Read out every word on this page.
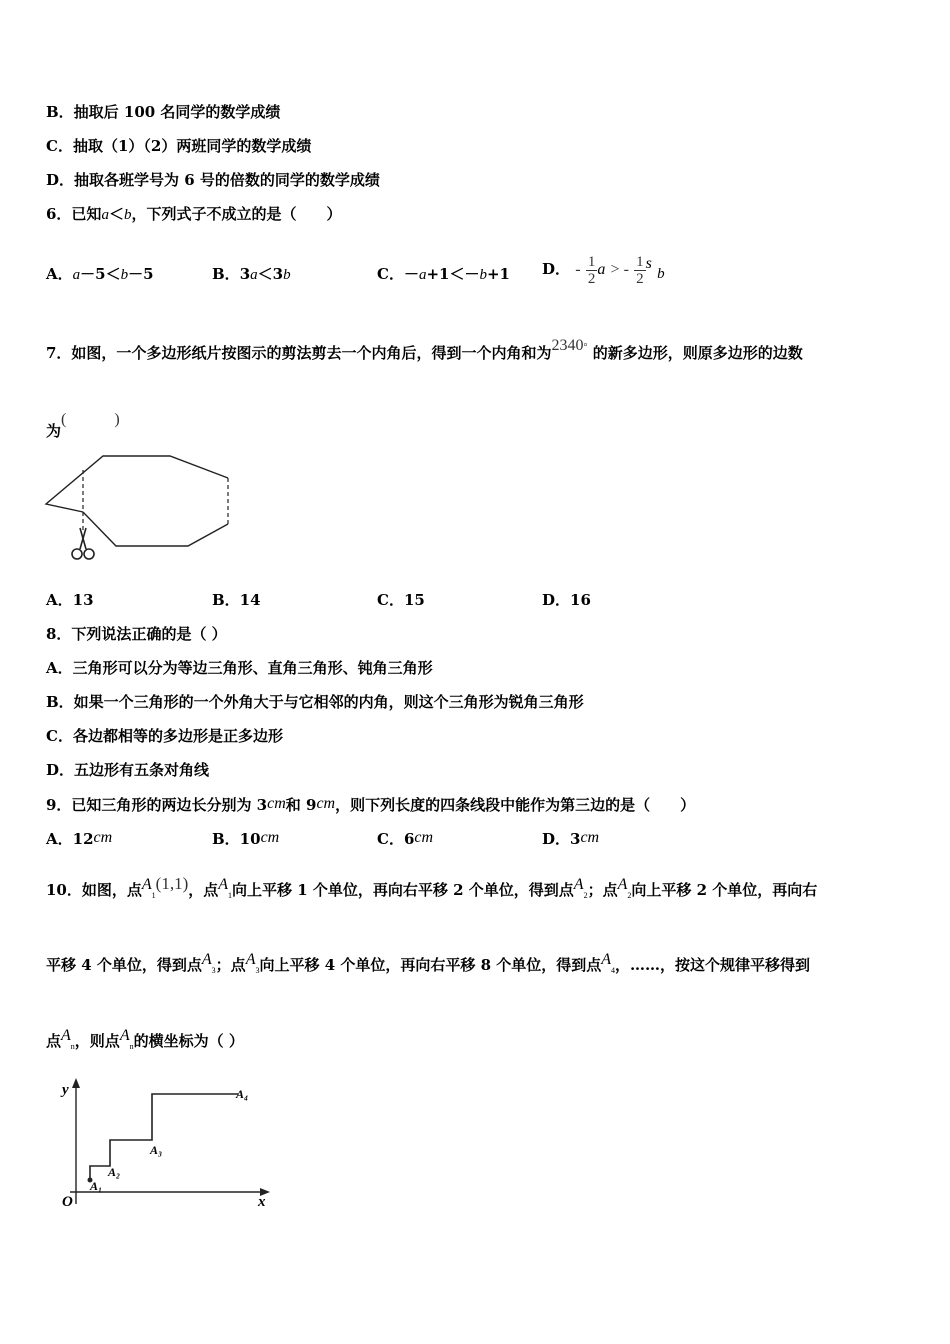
B．抽取后 100 名同学的数学成绩
C．抽取（1）（2）两班同学的数学成绩
D．抽取各班学号为 6 号的倍数的同学的数学成绩
6．已知a＜b，下列式子不成立的是（　　）
A．a－5＜b－5	B．3a＜3b	C．－a+1＜－b+1 D． - $\frac{1}{2}$ a > - $\frac{1}{2}$ s b
7．如图，一个多边形纸片按图示的剪法剪去一个内角后，得到一个内角和为2340° 的新多边形，则原多边形的边数
为(　　　)
A．13	B．14	C．15	D．16
8．下列说法正确的是（ ）
A．三角形可以分为等边三角形、直角三角形、钝角三角形
B．如果一个三角形的一个外角大于与它相邻的内角，则这个三角形为锐角三角形
C．各边都相等的多边形是正多边形
D．五边形有五条对角线
9．已知三角形的两边长分别为 3cm和 9cm，则下列长度的四条线段中能作为第三边的是（　　）
A．12cm	B．10cm	C．6cm	D．3cm
10．如图，点$A_1(1,1)$，点$A_1$向上平移 1 个单位，再向右平移 2 个单位，得到点$A_2$；点$A_2$向上平移 2 个单位，再向右
平移 4 个单位，得到点$A_3$；点$A_3$向上平移 4 个单位，再向右平移 8 个单位，得到点$A_4$，……，按这个规律平移得到
点$A_n$，则点$A_n$的横坐标为（ ）
y
x
O
A₁
A₂
A₃
A₄
